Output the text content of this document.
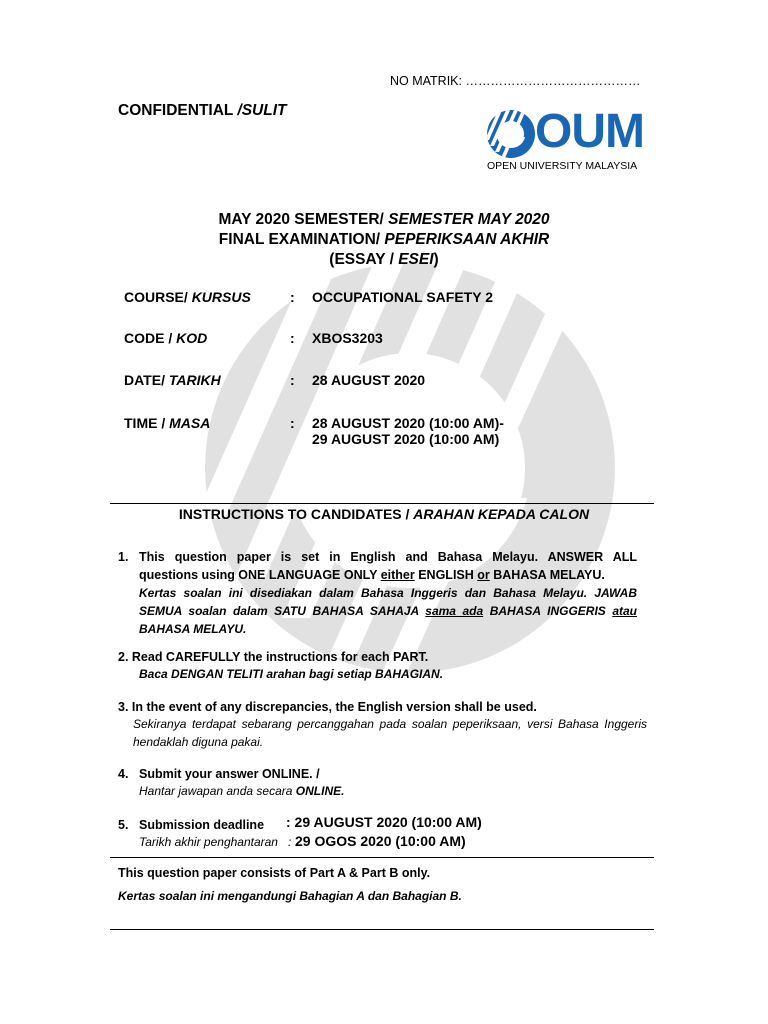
NO MATRIK: ……………………………………
CONFIDENTIAL /SULIT	OUM
OPEN UNIVERSITY MALAYSIA
MAY 2020 SEMESTER/ SEMESTER MAY 2020
FINAL EXAMINATION/ PEPERIKSAAN AKHIR
(ESSAY / ESEI)
COURSE/ KURSUS	: OCCUPATIONAL SAFETY 2
CODE / KOD	: XBOS3203
DATE/ TARIKH	: 28 AUGUST 2020
TIME / MASA	: 28 AUGUST 2020 (10:00 AM)-
29 AUGUST 2020 (10:00 AM)
INSTRUCTIONS TO CANDIDATES / ARAHAN KEPADA CALON
1. This question paper is set in English and Bahasa Melayu. ANSWER ALL
questions using ONE LANGUAGE ONLY either ENGLISH or BAHASA MELAYU.
Kertas soalan ini disediakan dalam Bahasa Inggeris dan Bahasa Melayu. JAWAB
SEMUA soalan dalam SATU BAHASA SAHAJA sama ada BAHASA INGGERIS atau
BAHASA MELAYU.
2. Read CAREFULLY the instructions for each PART.
Baca DENGAN TELITI arahan bagi setiap BAHAGIAN.
3. In the event of any discrepancies, the English version shall be used.
Sekiranya terdapat sebarang percanggahan pada soalan peperiksaan, versi Bahasa Inggeris
hendaklah diguna pakai.
4. Submit your answer ONLINE. /
Hantar jawapan anda secara ONLINE.
5. Submission deadline : 29 AUGUST 2020 (10:00 AM)
Tarikh akhir penghantaran : 29 OGOS 2020 (10:00 AM)
This question paper consists of Part A & Part B only.
Kertas soalan ini mengandungi Bahagian A dan Bahagian B.
